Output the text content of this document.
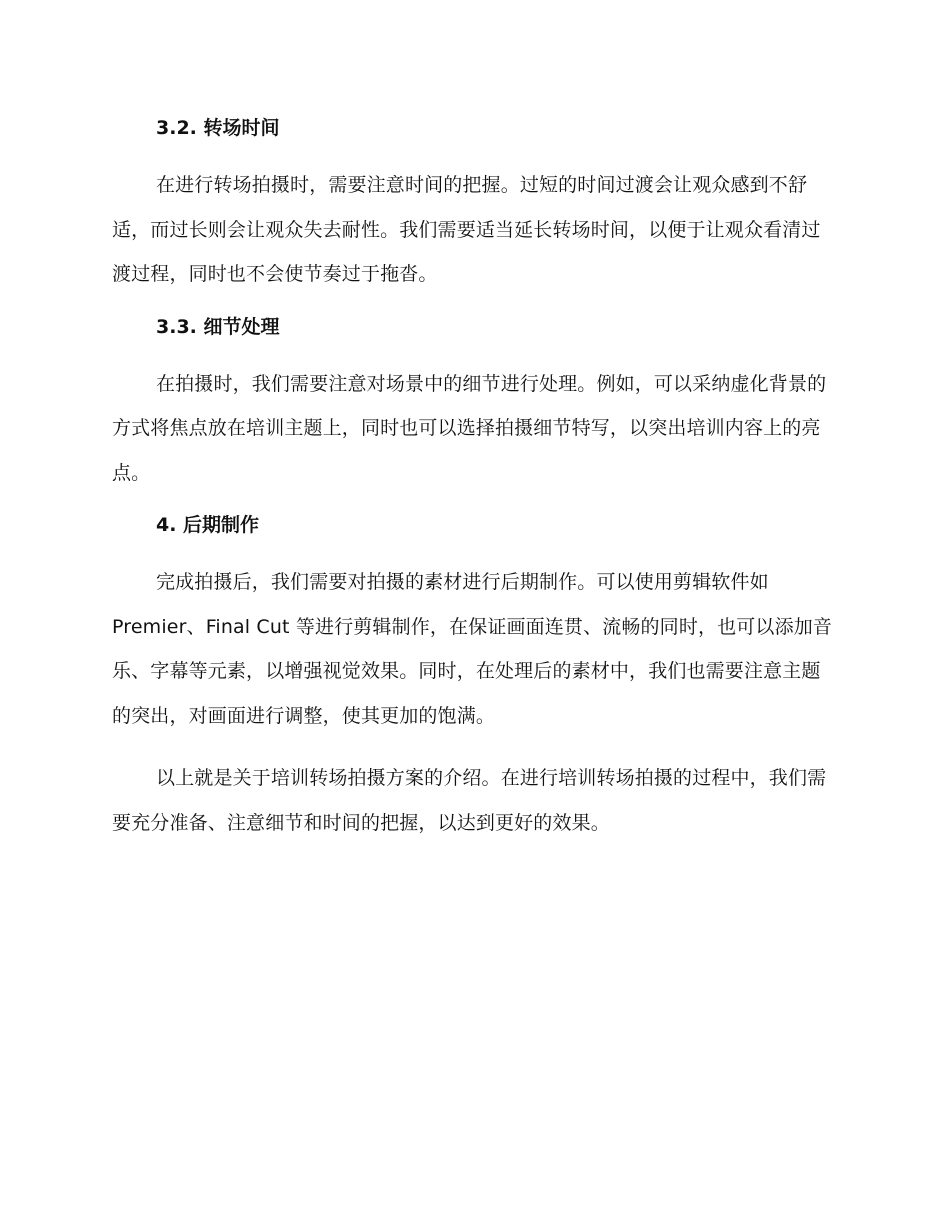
3.2. 转场时间

在进行转场拍摄时，需要注意时间的把握。过短的时间过渡会让观众感到不舒适，而过长则会让观众失去耐性。我们需要适当延长转场时间，以便于让观众看清过渡过程，同时也不会使节奏过于拖沓。

3.3. 细节处理

在拍摄时，我们需要注意对场景中的细节进行处理。例如，可以采纳虚化背景的方式将焦点放在培训主题上，同时也可以选择拍摄细节特写，以突出培训内容上的亮点。

4. 后期制作

完成拍摄后，我们需要对拍摄的素材进行后期制作。可以使用剪辑软件如 Premier、Final Cut 等进行剪辑制作，在保证画面连贯、流畅的同时，也可以添加音乐、字幕等元素，以增强视觉效果。同时，在处理后的素材中，我们也需要注意主题的突出，对画面进行调整，使其更加的饱满。

以上就是关于培训转场拍摄方案的介绍。在进行培训转场拍摄的过程中，我们需要充分准备、注意细节和时间的把握，以达到更好的效果。
